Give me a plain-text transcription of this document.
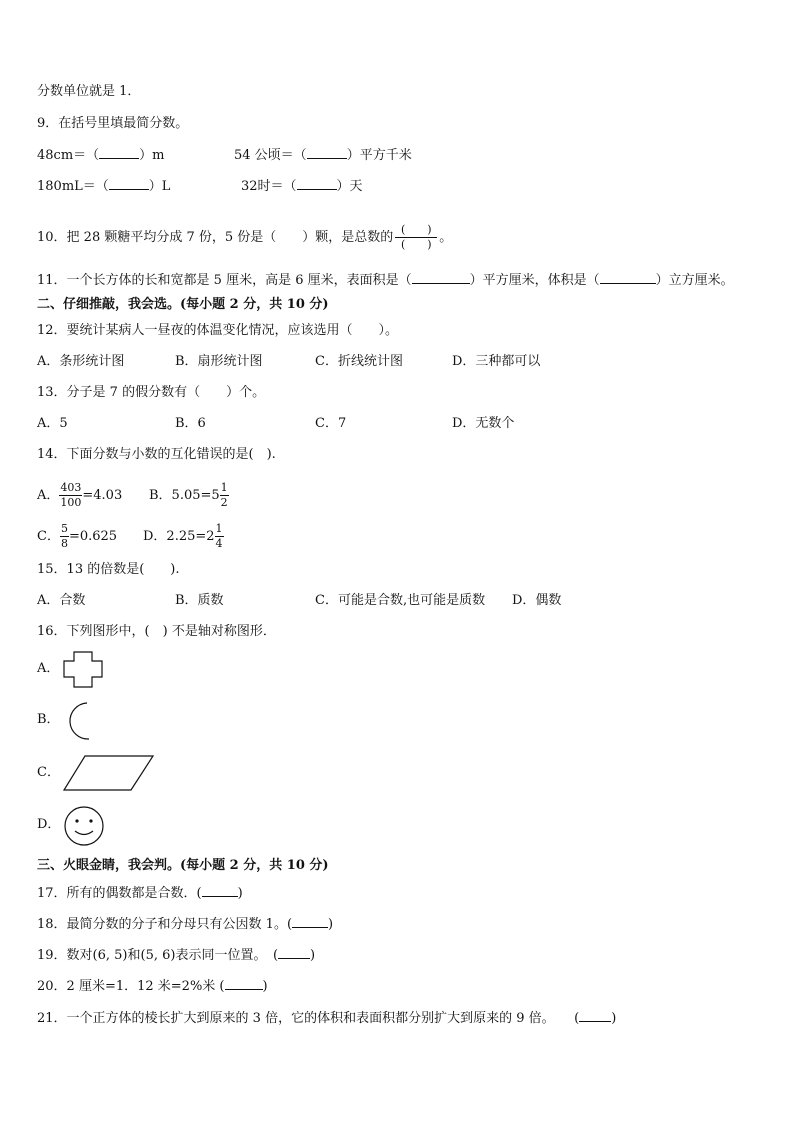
分数单位就是 1．
9．在括号里填最简分数。
48cm＝（	）m	54 公顷＝（	）平方千米
180mL＝（	）L	32时＝（	）天
10．把 28 颗糖平均分成 7 份，5 份是（　　）颗，是总数的 $\frac{( )}{( )}$ 。
11．一个长方体的长和宽都是 5 厘米，高是 6 厘米，表面积是（	）平方厘米，体积是（	）立方厘米。
二、仔细推敲，我会选。(每小题 2 分，共 10 分)
12．要统计某病人一昼夜的体温变化情况，应该选用（　　）。
A．条形统计图	B．扇形统计图	C．折线统计图	D．三种都可以
13．分子是 7 的假分数有（　　）个。
A．5	B．6	C．7	D．无数个
14．下面分数与小数的互化错误的是(　).
A． $\frac{403}{100} =4.03$ B．$5.05=5 \frac{1}{2}$
C． $\frac{5}{8} =0.625$ D．$2.25=2 \frac{1}{4}$
15．13 的倍数是(　　).
A．合数	B．质数	C．可能是合数,也可能是质数 D．偶数
16．下列图形中，(　) 不是轴对称图形．
A．
B．
C．
D．
三、火眼金睛，我会判。(每小题 2 分，共 10 分)
17．所有的偶数都是合数．(	)
18．最简分数的分子和分母只有公因数 1。(	)
19．数对(6, 5)和(5, 6)表示同一位置。　( )
20．2 厘米=1．12 米=2%米 (	)
21．一个正方体的棱长扩大到原来的 3 倍，它的体积和表面积都分别扩大到原来的 9 倍。　　( )
